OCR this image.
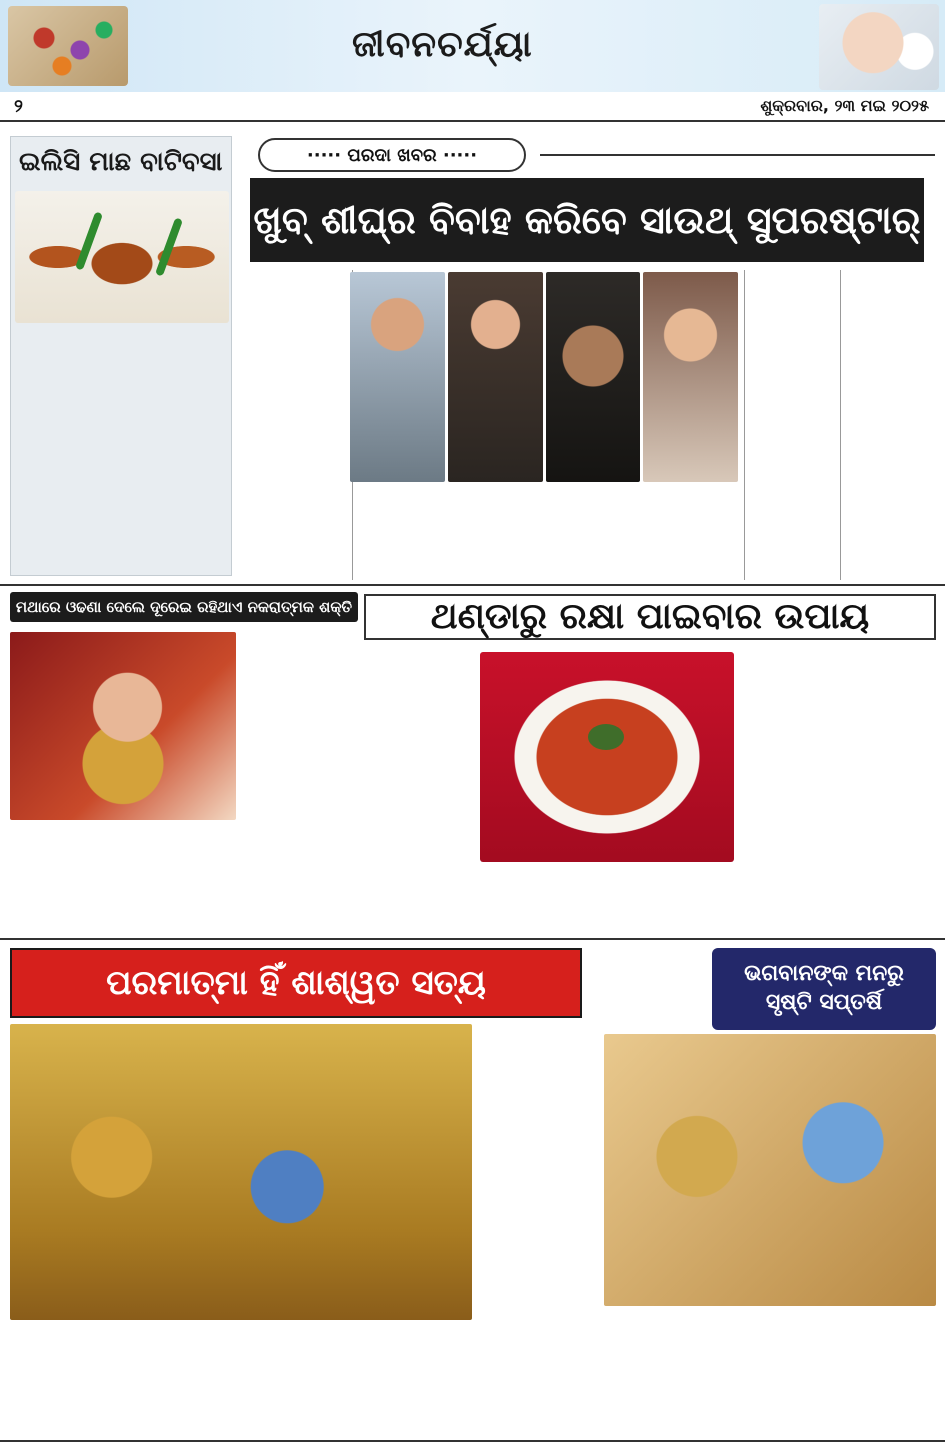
ଜୀବନଚର୍ଯ୍ୟା
୨	ଶୁକ୍ରବାର, ୨୩ ମଇ ୨୦୨୫
ଇଲିସି ମାଛ ବାଟିବସା	····· ପରଦା ଖବର ·····
ଖୁବ୍ ଶୀଘ୍ର ବିବାହ କରିବେ ସାଉଥ୍ ସୁପରଷ୍ଟାର୍
ମଥାରେ ଓଢଣା ଦେଲେ ଦୂରେଇ ରହିଥାଏ ନକରାତ୍ମକ ଶକ୍ତି ଥଣ୍ଡାରୁ ରକ୍ଷା ପାଇବାର ଉପାୟ
ପରମାତ୍ମା ହିଁ ଶାଶ୍ୱତ ସତ୍ୟ	ଭଗବାନଙ୍କ ମନରୁ
ସୃଷ୍ଟି ସପ୍ତର୍ଷି
